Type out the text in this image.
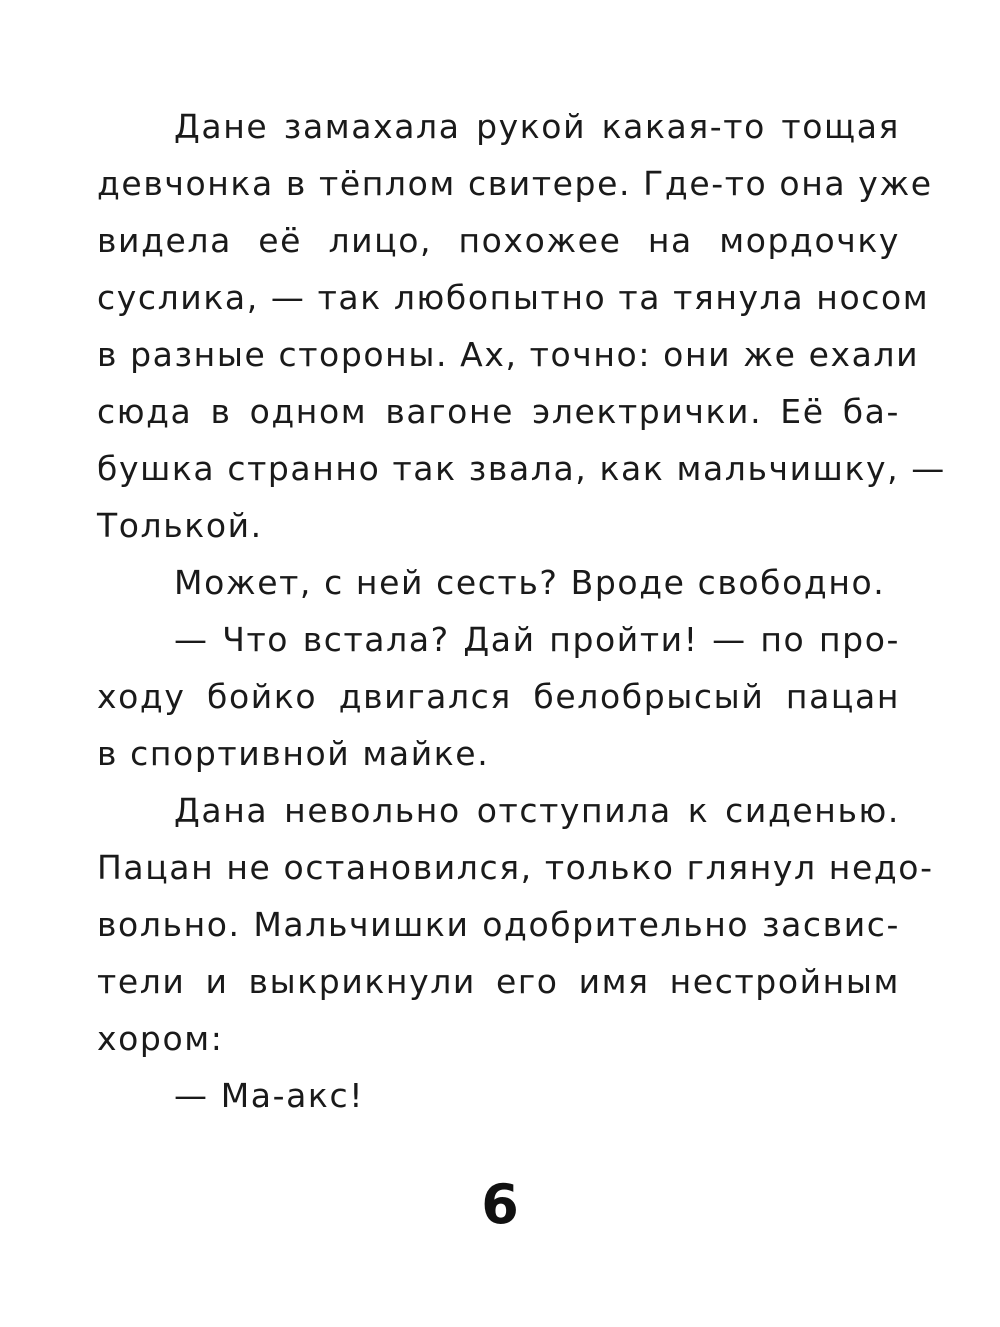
Дане замахала рукой какая-то тощая
девчонка в тёплом свитере. Где-то она уже
видела её лицо, похожее на мордочку
суслика, — так любопытно та тянула носом
в разные стороны. Ах, точно: они же ехали
сюда в одном вагоне электрички. Её ба-
бушка странно так звала, как мальчишку, —
Толькой.
Может, с ней сесть? Вроде свободно.
— Что встала? Дай пройти! — по про-
ходу бойко двигался белобрысый пацан
в спортивной майке.
Дана невольно отступила к сиденью.
Пацан не остановился, только глянул недо-
вольно. Мальчишки одобрительно засвис-
тели и выкрикнули его имя нестройным
хором:
— Ма-акс!
6
